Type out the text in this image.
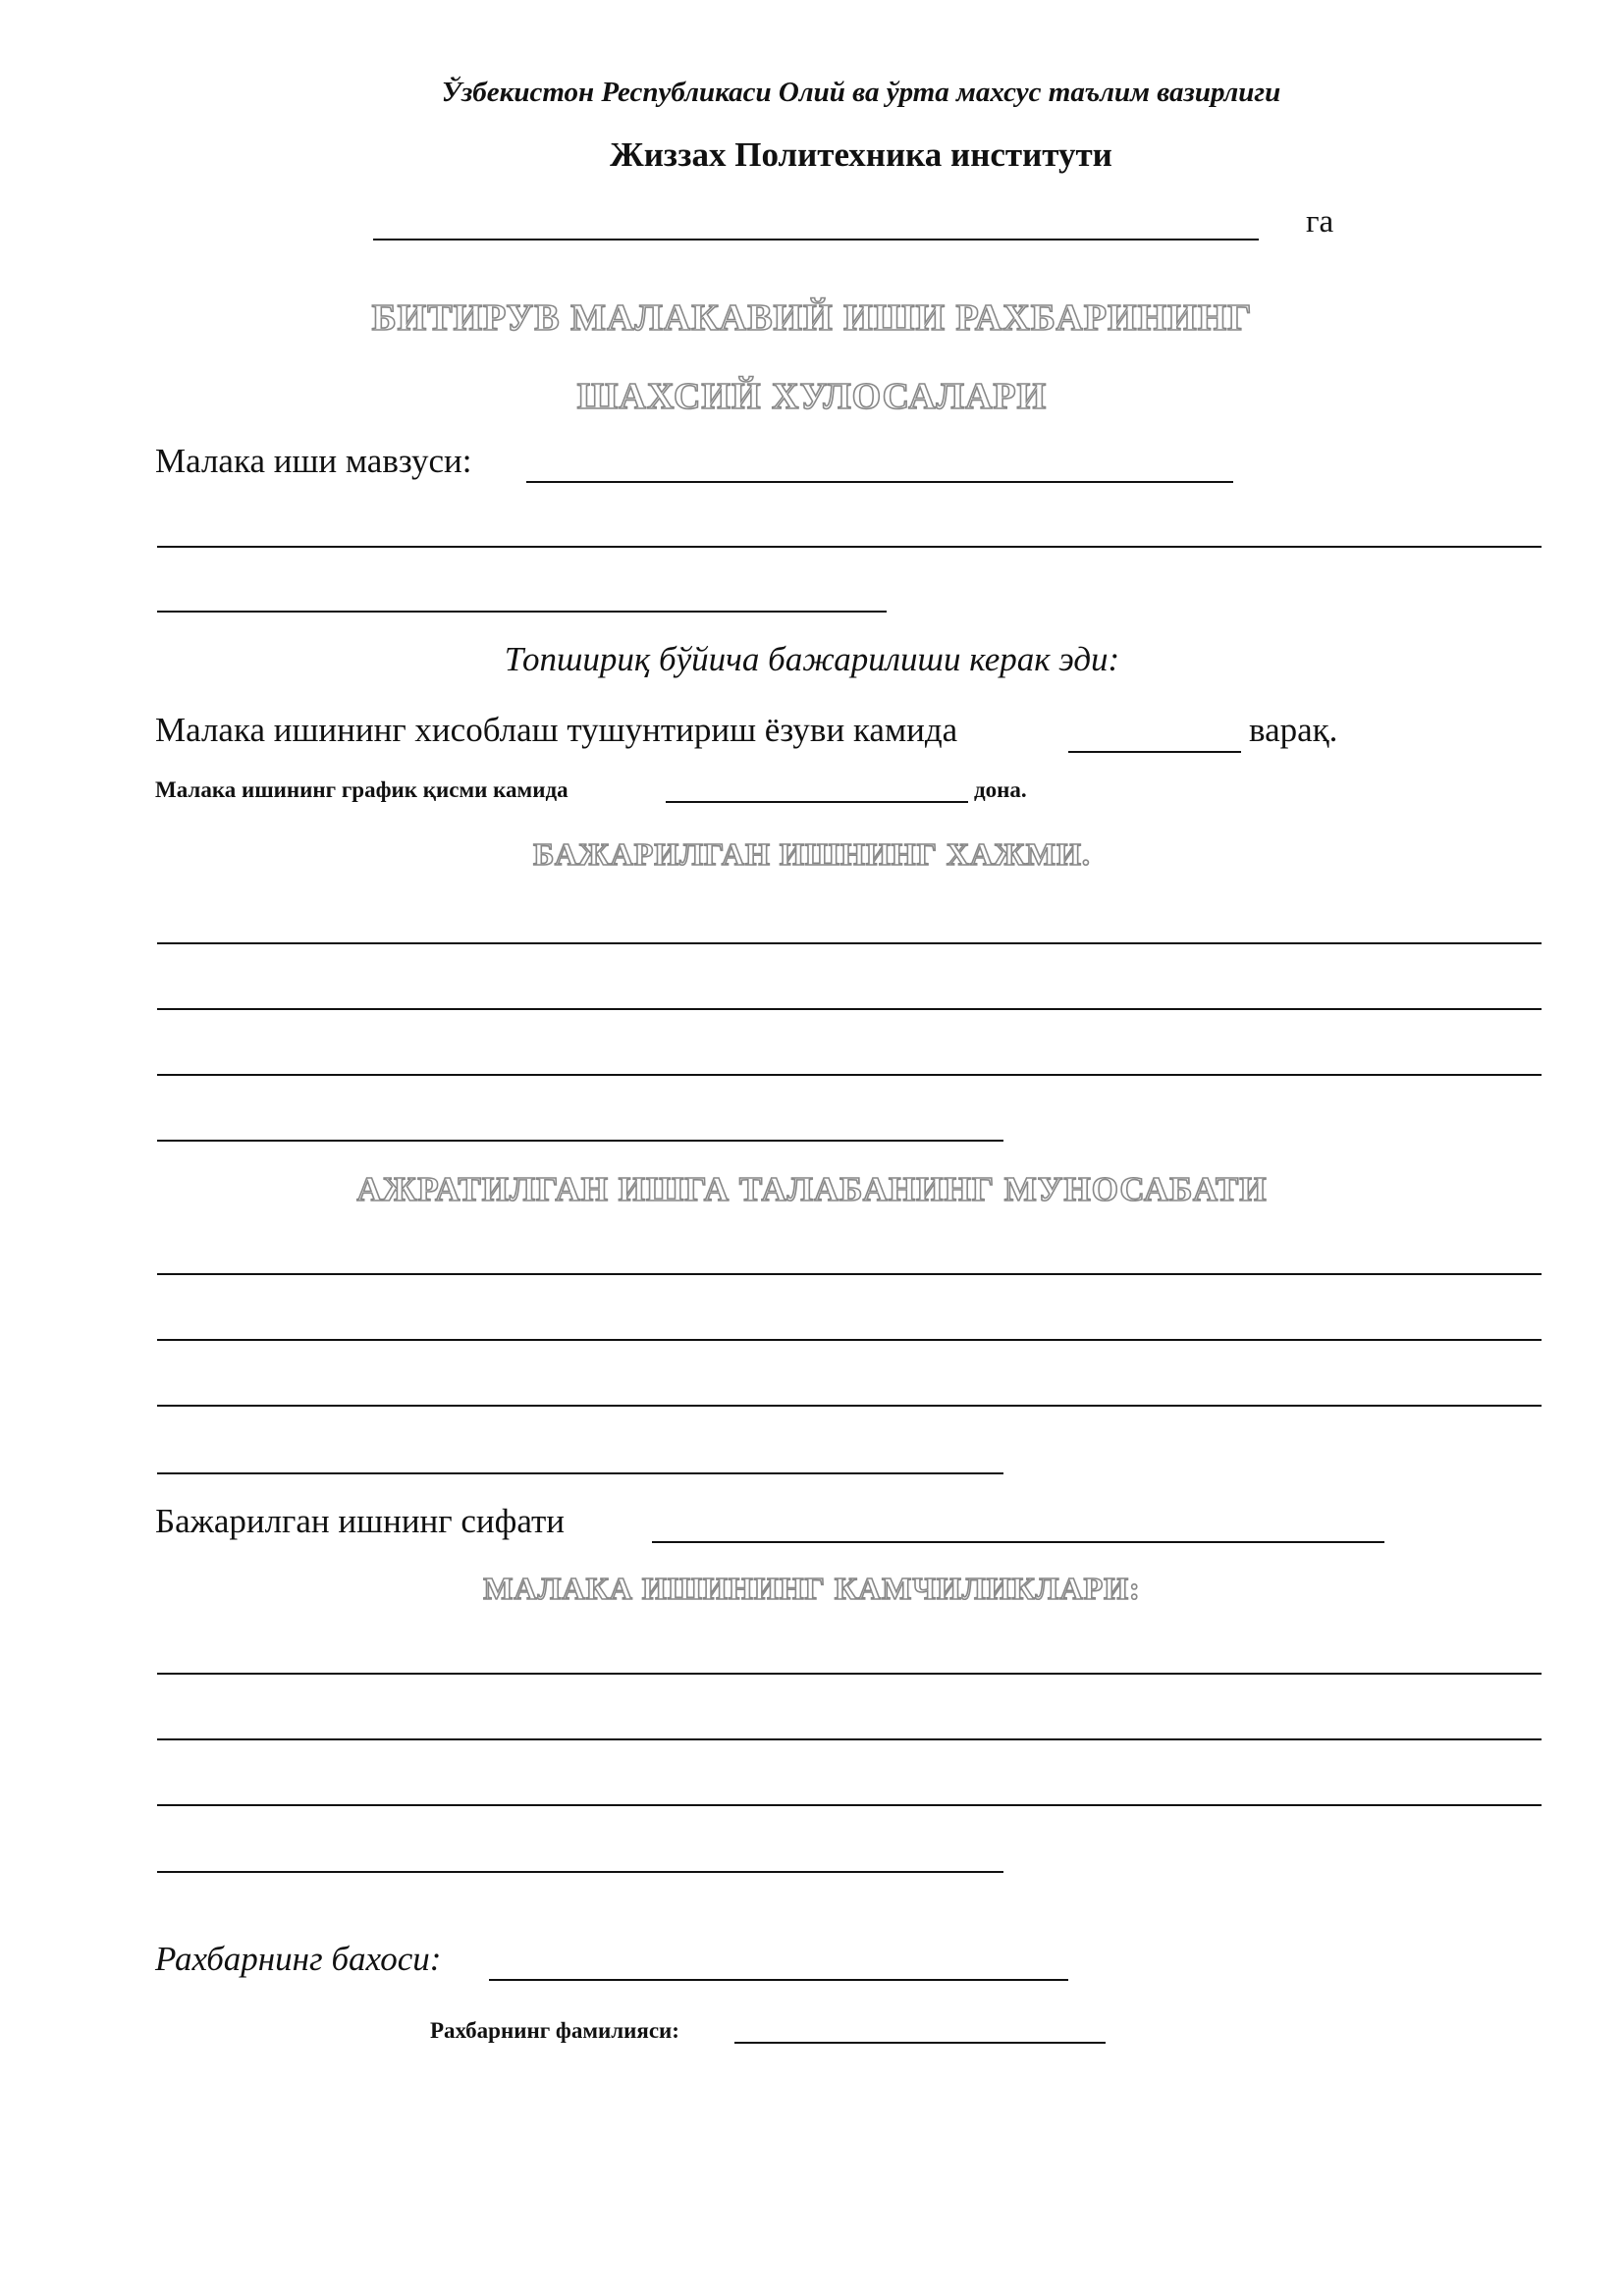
Ўзбекистон Республикаси Олий ва ўрта махсус таълим вазирлиги
Жиззах Политехника институти
га
БИТИРУВ МАЛАКАВИЙ ИШИ РАХБАРИНИНГ
ШАХСИЙ ХУЛОСАЛАРИ
Малака иши мавзуси:
Топшириқ бўйича бажарилиши керак эди:
Малака ишининг хисоблаш тушунтириш ёзуви камида	варақ.
Малака ишининг график қисми камида	дона.
БАЖАРИЛГАН ИШНИНГ ХАЖМИ.
АЖРАТИЛГАН ИШГА ТАЛАБАНИНГ МУНОСАБАТИ
Бажарилган ишнинг сифати
МАЛАКА ИШИНИНГ КАМЧИЛИКЛАРИ:
Рахбарнинг бахоси:
Рахбарнинг фамилияси:
